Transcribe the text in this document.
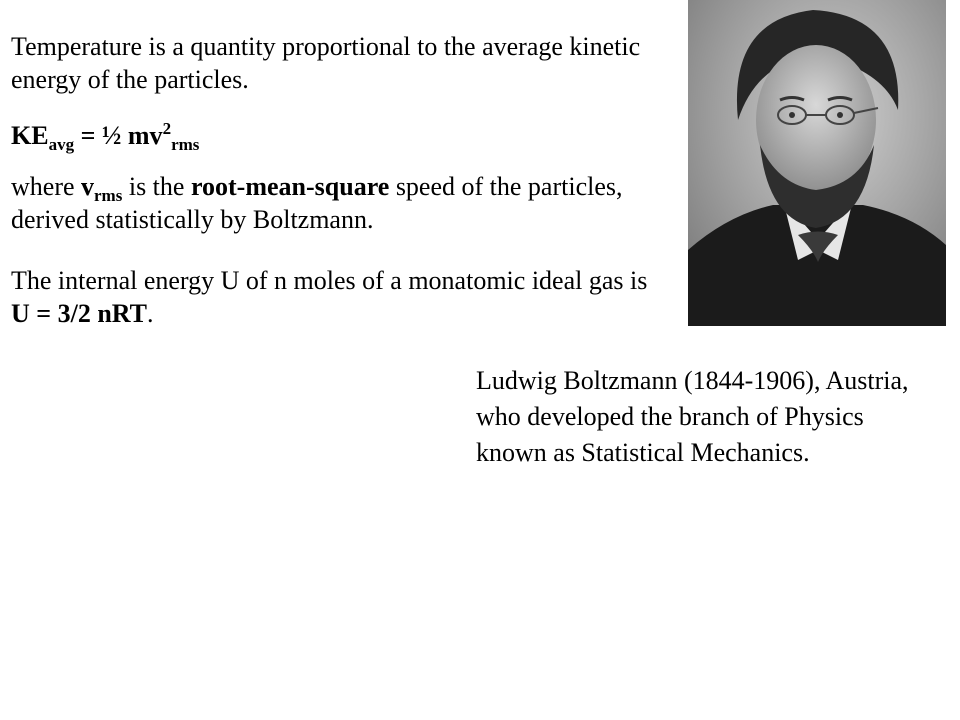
Temperature is a quantity proportional to the average kinetic energy of the particles.

$KE_{avg}$ = ½ $mv^2_{rms}$

where $v_{rms}$ is the root-mean-square speed of the particles, derived statistically by Boltzmann.

The internal energy U of n moles of a monatomic ideal gas is U = 3/2 nRT.

Ludwig Boltzmann (1844-1906), Austria, who developed the branch of Physics known as Statistical Mechanics.
